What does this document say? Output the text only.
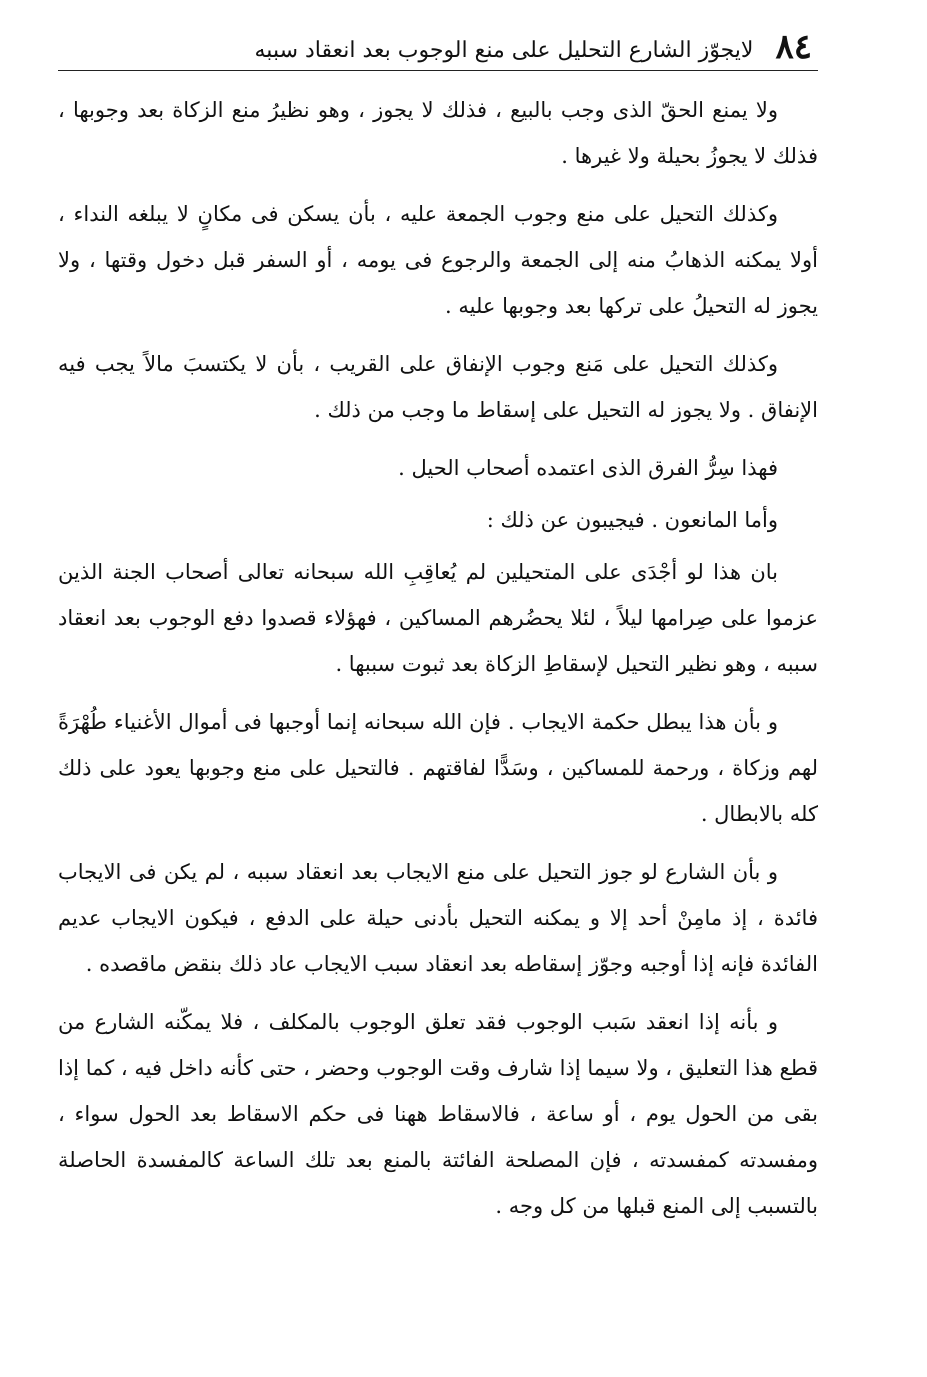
٨٤
لايجوّز الشارع التحليل على منع الوجوب بعد انعقاد سببه

ولا يمنع الحقّ الذى وجب بالبيع ، فذلك لا يجوز ، وهو نظيرُ منع الزكاة بعد وجوبها ، فذلك لا يجوزُ بحيلة ولا غيرها .

وكذلك التحيل على منع وجوب الجمعة عليه ، بأن يسكن فى مكانٍ لا يبلغه النداء ، أولا يمكنه الذهابُ منه إلى الجمعة والرجوع فى يومه ، أو السفر قبل دخول وقتها ، ولا يجوز له التحيلُ على تركها بعد وجوبها عليه .

وكذلك التحيل على مَنع وجوب الإنفاق على القريب ، بأن لا يكتسبَ مالاً يجب فيه الإنفاق . ولا يجوز له التحيل على إسقاط ما وجب من ذلك .

فهذا سِرُّ الفرق الذى اعتمده أصحاب الحيل .

وأما المانعون . فيجيبون عن ذلك :

بان هذا لو أجْدَى على المتحيلين لم يُعاقِبِ الله سبحانه تعالى أصحاب الجنة الذين عزموا على صِرامها ليلاً ، لئلا يحضُرهم المساكين ، فهؤلاء قصدوا دفع الوجوب بعد انعقاد سببه ، وهو نظير التحيل لإسقاطِ الزكاة بعد ثبوت سببها .

و بأن هذا يبطل حكمة الايجاب . فإن الله سبحانه إنما أوجبها فى أموال الأغنياء طُهْرَةً لهم وزكاة ، ورحمة للمساكين ، وسَدًّا لفاقتهم . فالتحيل على منع وجوبها يعود على ذلك كله بالابطال .

و بأن الشارع لو جوز التحيل على منع الايجاب بعد انعقاد سببه ، لم يكن فى الايجاب فائدة ، إذ مامِنْ أحد إلا و يمكنه التحيل بأدنى حيلة على الدفع ، فيكون الايجاب عديم الفائدة فإنه إذا أوجبه وجوّز إسقاطه بعد انعقاد سبب الايجاب عاد ذلك بنقض ماقصده .

و بأنه إذا انعقد سَبب الوجوب فقد تعلق الوجوب بالمكلف ، فلا يمكّنه الشارع من قطع هذا التعليق ، ولا سيما إذا شارف وقت الوجوب وحضر ، حتى كأنه داخل فيه ، كما إذا بقى من الحول يوم ، أو ساعة ، فالاسقاط ههنا فى حكم الاسقاط بعد الحول سواء ، ومفسدته كمفسدته ، فإن المصلحة الفائتة بالمنع بعد تلك الساعة كالمفسدة الحاصلة بالتسبب إلى المنع قبلها من كل وجه .
